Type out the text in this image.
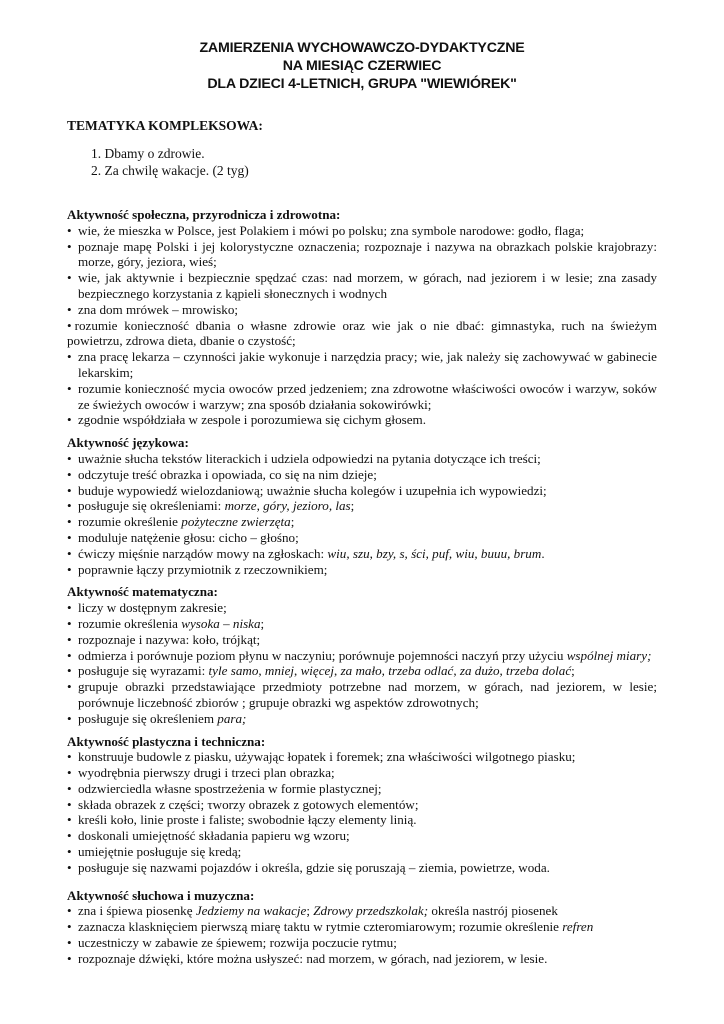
ZAMIERZENIA WYCHOWAWCZO-DYDAKTYCZNE
NA MIESIĄC CZERWIEC
DLA DZIECI 4-LETNICH, GRUPA "WIEWIÓREK"
TEMATYKA KOMPLEKSOWA:
1. Dbamy o zdrowie.
2. Za chwilę wakacje. (2 tyg)
Aktywność społeczna, przyrodnicza i zdrowotna:
• wie, że mieszka w Polsce, jest Polakiem i mówi po polsku; zna symbole narodowe: godło, flaga;
• poznaje mapę Polski i jej kolorystyczne oznaczenia; rozpoznaje i nazywa na obrazkach polskie krajobrazy: morze, góry, jeziora, wieś;
• wie, jak aktywnie i bezpiecznie spędzać czas: nad morzem, w górach, nad jeziorem i w lesie; zna zasady bezpiecznego korzystania z kąpieli słonecznych i wodnych
• zna dom mrówek – mrowisko;
• rozumie konieczność dbania o własne zdrowie oraz wie jak o nie dbać: gimnastyka, ruch na świeżym powietrzu, zdrowa dieta, dbanie o czystość;
• zna pracę lekarza – czynności jakie wykonuje i narzędzia pracy; wie, jak należy się zachowywać w gabinecie lekarskim;
• rozumie konieczność mycia owoców przed jedzeniem; zna zdrowotne właściwości owoców i warzyw, soków ze świeżych owoców i warzyw; zna sposób działania sokowirówki;
• zgodnie współdziała w zespole i porozumiewa się cichym głosem.
Aktywność językowa:
• uważnie słucha tekstów literackich i udziela odpowiedzi na pytania dotyczące ich treści;
• odczytuje treść obrazka i opowiada, co się na nim dzieje;
• buduje wypowiedź wielozdaniową; uważnie słucha kolegów i uzupełnia ich wypowiedzi;
• posługuje się określeniami: morze, góry, jezioro, las;
• rozumie określenie pożyteczne zwierzęta;
• moduluje natężenie głosu: cicho – głośno;
• ćwiczy mięśnie narządów mowy na zgłoskach: wiu, szu, bzy, s, ści, puf, wiu, buuu, brum.
• poprawnie łączy przymiotnik z rzeczownikiem;
Aktywność matematyczna:
• liczy w dostępnym zakresie;
• rozumie określenia wysoka – niska;
• rozpoznaje i nazywa: koło, trójkąt;
• odmierza i porównuje poziom płynu w naczyniu; porównuje pojemności naczyń przy użyciu wspólnej miary;
• posługuje się wyrazami: tyle samo, mniej, więcej, za mało, trzeba odlać, za dużo, trzeba dolać;
• grupuje obrazki przedstawiające przedmioty potrzebne nad morzem, w górach, nad jeziorem, w lesie; porównuje liczebność zbiorów ; grupuje obrazki wg aspektów zdrowotnych;
• posługuje się określeniem para;
Aktywność plastyczna i techniczna:
• konstruuje budowle z piasku, używając łopatek i foremek; zna właściwości wilgotnego piasku;
• wyodrębnia pierwszy drugi i trzeci plan obrazka;
• odzwierciedla własne spostrzeżenia w formie plastycznej;
• składa obrazek z części; τworzy obrazek z gotowych elementów;
• kreśli koło, linie proste i faliste; swobodnie łączy elementy linią.
• doskonali umiejętność składania papieru wg wzoru;
• umiejętnie posługuje się kredą;
• posługuje się nazwami pojazdów i określa, gdzie się poruszają – ziemia, powietrze, woda.
Aktywność słuchowa i muzyczna:
• zna i śpiewa piosenkę Jedziemy na wakacje; Zdrowy przedszkolak; określa nastrój piosenek
• zaznacza klasknięciem pierwszą miarę taktu w rytmie czteromiarowym; rozumie określenie refren
• uczestniczy w zabawie ze śpiewem; rozwija poczucie rytmu;
• rozpoznaje dźwięki, które można usłyszeć: nad morzem, w górach, nad jeziorem, w lesie.
